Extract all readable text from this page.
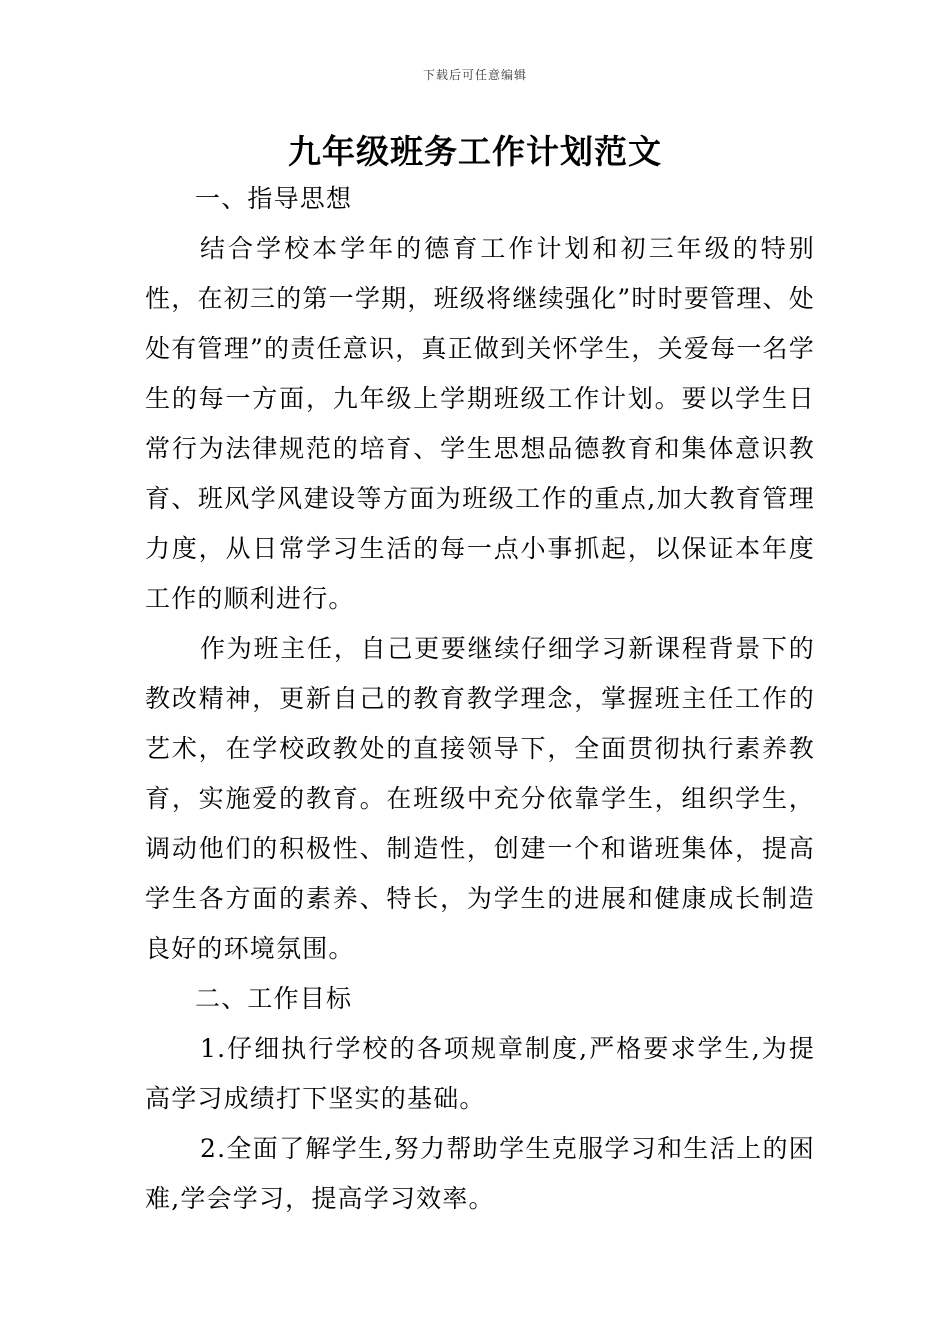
下载后可任意编辑
九年级班务工作计划范文

一、指导思想

结合学校本学年的德育工作计划和初三年级的特别性，在初三的第一学期，班级将继续强化”时时要管理、处处有管理”的责任意识，真正做到关怀学生，关爱每一名学生的每一方面，九年级上学期班级工作计划。要以学生日常行为法律规范的培育、学生思想品德教育和集体意识教育、班风学风建设等方面为班级工作的重点,加大教育管理力度，从日常学习生活的每一点小事抓起，以保证本年度工作的顺利进行。

作为班主任，自己更要继续仔细学习新课程背景下的教改精神，更新自己的教育教学理念，掌握班主任工作的艺术，在学校政教处的直接领导下，全面贯彻执行素养教育，实施爱的教育。在班级中充分依靠学生，组织学生，调动他们的积极性、制造性，创建一个和谐班集体，提高学生各方面的素养、特长，为学生的进展和健康成长制造良好的环境氛围。

二、工作目标

1.仔细执行学校的各项规章制度,严格要求学生,为提高学习成绩打下坚实的基础。

2.全面了解学生,努力帮助学生克服学习和生活上的困难,学会学习，提高学习效率。
